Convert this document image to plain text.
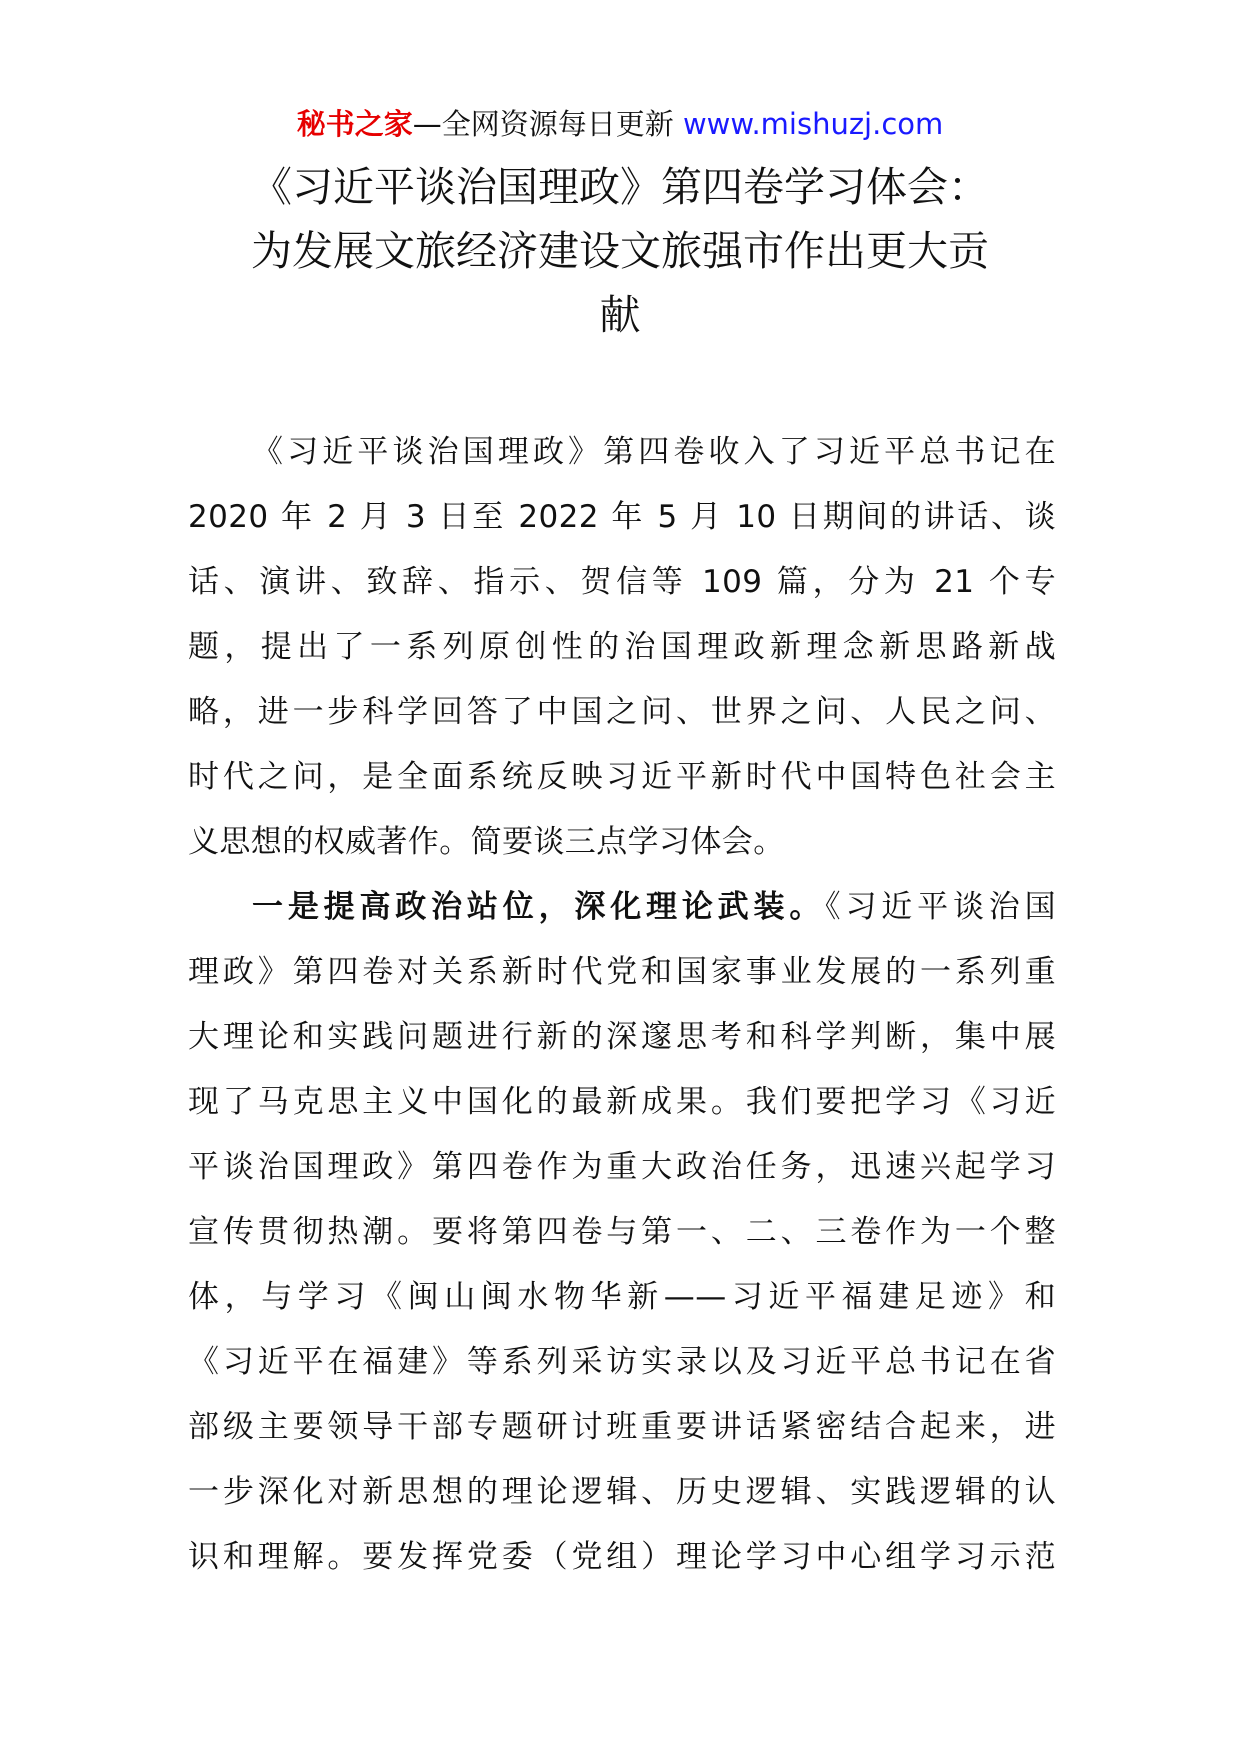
秘书之家—全网资源每日更新 www.mishuzj.com
《习近平谈治国理政》第四卷学习体会：
为发展文旅经济建设文旅强市作出更大贡
献
《习近平谈治国理政》第四卷收入了习近平总书记在
2020 年 2 月 3 日至 2022 年 5 月 10 日期间的讲话、谈
话、演讲、致辞、指示、贺信等 109 篇，分为 21 个专
题，提出了一系列原创性的治国理政新理念新思路新战
略，进一步科学回答了中国之问、世界之问、人民之问、
时代之问，是全面系统反映习近平新时代中国特色社会主
义思想的权威著作。简要谈三点学习体会。
一是提高政治站位，深化理论武装。《习近平谈治国
理政》第四卷对关系新时代党和国家事业发展的一系列重
大理论和实践问题进行新的深邃思考和科学判断，集中展
现了马克思主义中国化的最新成果。我们要把学习《习近
平谈治国理政》第四卷作为重大政治任务，迅速兴起学习
宣传贯彻热潮。要将第四卷与第一、二、三卷作为一个整
体，与学习《闽山闽水物华新——习近平福建足迹》和
《习近平在福建》等系列采访实录以及习近平总书记在省
部级主要领导干部专题研讨班重要讲话紧密结合起来，进
一步深化对新思想的理论逻辑、历史逻辑、实践逻辑的认
识和理解。要发挥党委（党组）理论学习中心组学习示范
